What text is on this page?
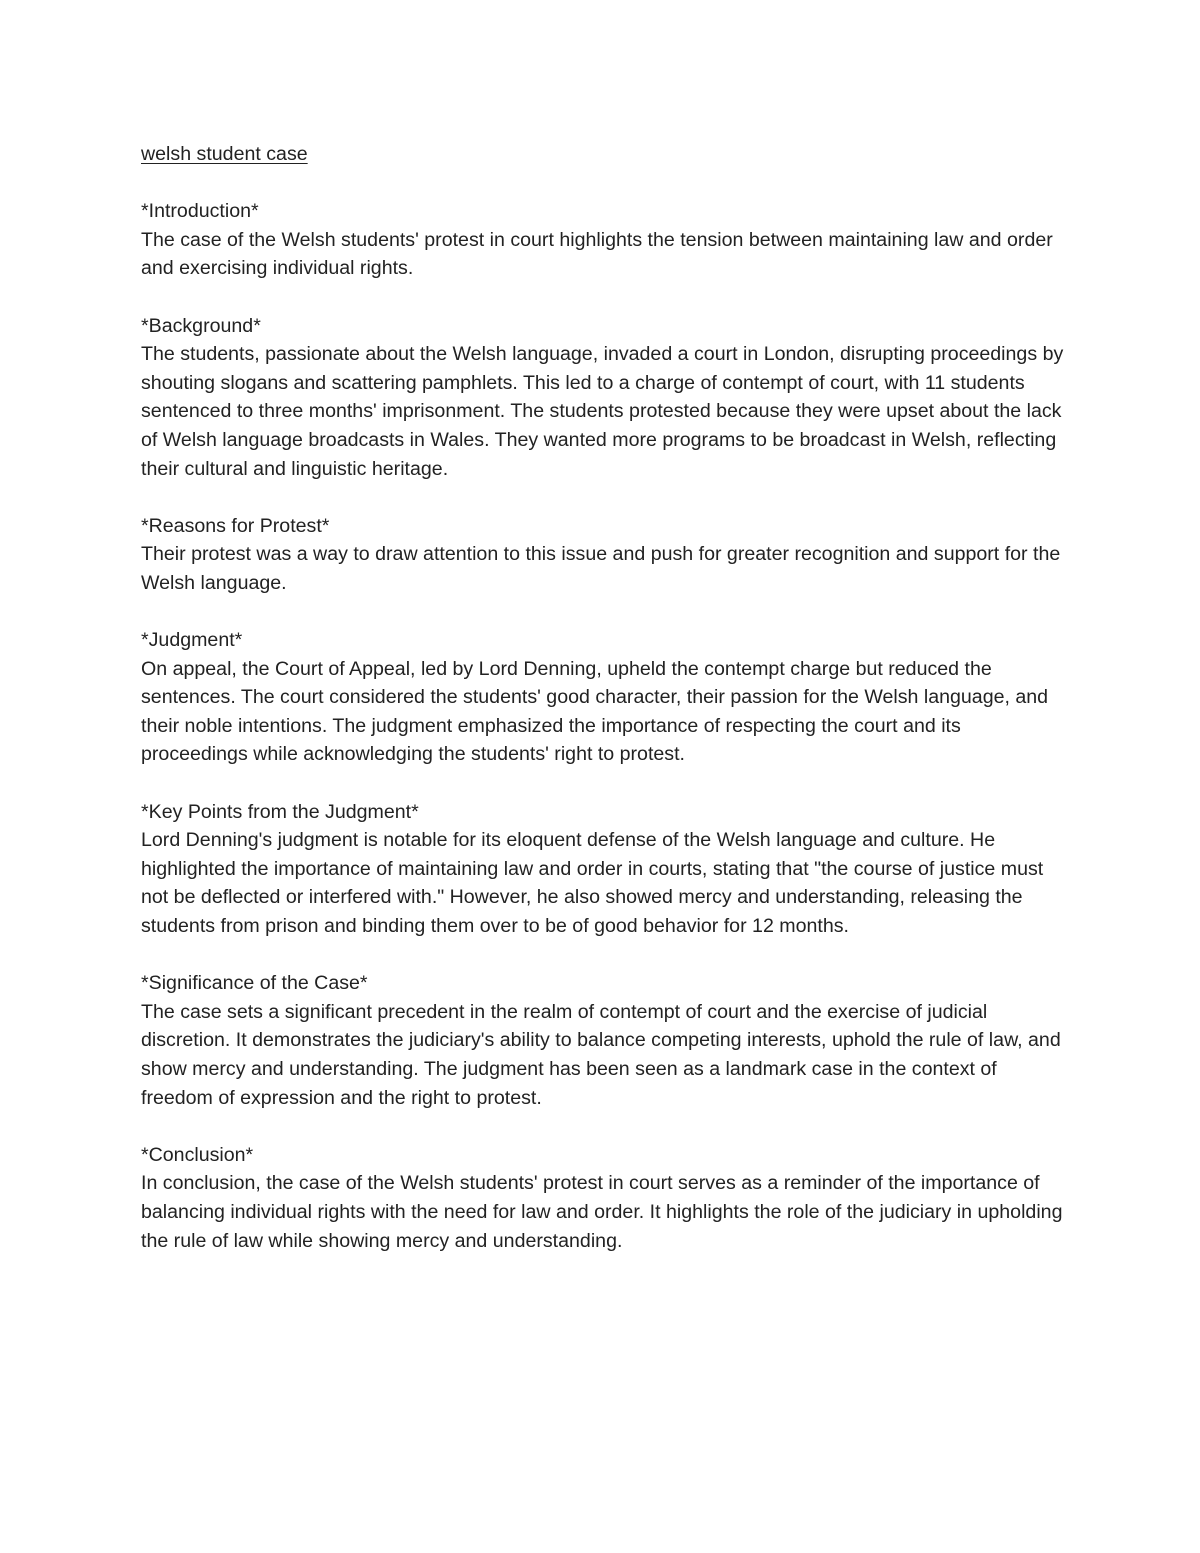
welsh student case
*Introduction*
The case of the Welsh students' protest in court highlights the tension between maintaining law and order and exercising individual rights.
*Background*
The students, passionate about the Welsh language, invaded a court in London, disrupting proceedings by shouting slogans and scattering pamphlets. This led to a charge of contempt of court, with 11 students sentenced to three months' imprisonment. The students protested because they were upset about the lack of Welsh language broadcasts in Wales. They wanted more programs to be broadcast in Welsh, reflecting their cultural and linguistic heritage.
*Reasons for Protest*
Their protest was a way to draw attention to this issue and push for greater recognition and support for the Welsh language.
*Judgment*
On appeal, the Court of Appeal, led by Lord Denning, upheld the contempt charge but reduced the sentences. The court considered the students' good character, their passion for the Welsh language, and their noble intentions. The judgment emphasized the importance of respecting the court and its proceedings while acknowledging the students' right to protest.
*Key Points from the Judgment*
Lord Denning's judgment is notable for its eloquent defense of the Welsh language and culture. He highlighted the importance of maintaining law and order in courts, stating that "the course of justice must not be deflected or interfered with." However, he also showed mercy and understanding, releasing the students from prison and binding them over to be of good behavior for 12 months.
*Significance of the Case*
The case sets a significant precedent in the realm of contempt of court and the exercise of judicial discretion. It demonstrates the judiciary's ability to balance competing interests, uphold the rule of law, and show mercy and understanding. The judgment has been seen as a landmark case in the context of freedom of expression and the right to protest.
*Conclusion*
In conclusion, the case of the Welsh students' protest in court serves as a reminder of the importance of balancing individual rights with the need for law and order. It highlights the role of the judiciary in upholding the rule of law while showing mercy and understanding.
